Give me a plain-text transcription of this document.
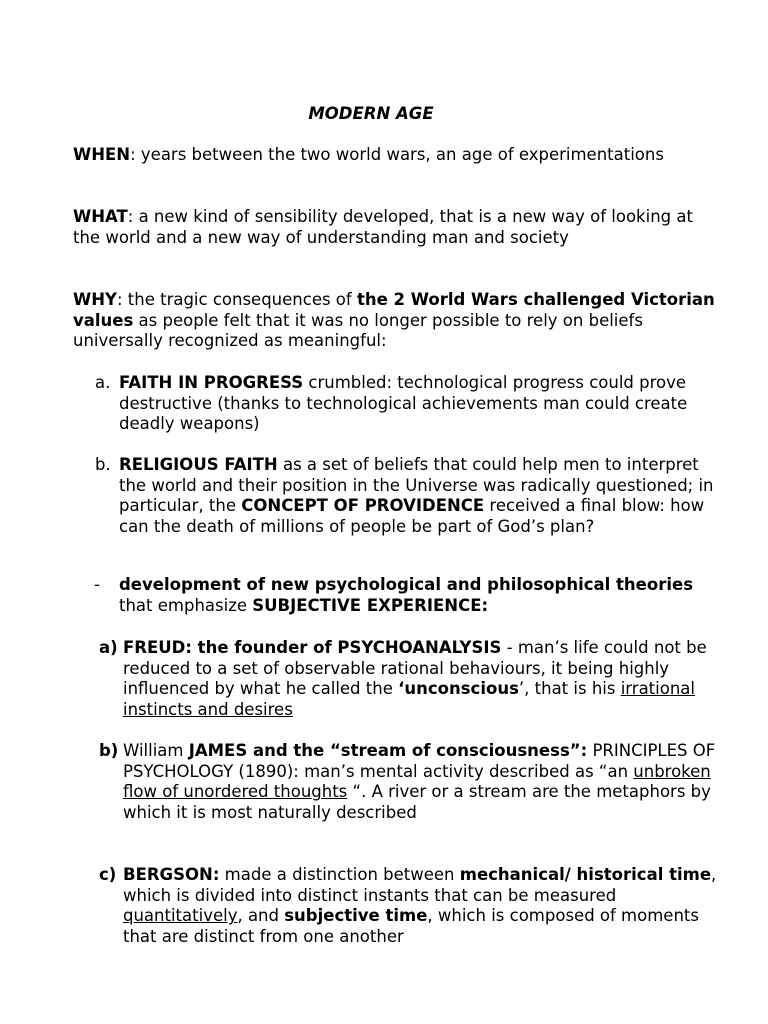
MODERN AGE

WHEN: years between the two world wars, an age of experimentations

WHAT: a new kind of sensibility developed, that is a new way of looking at the world and a new way of understanding man and society

WHY: the tragic consequences of the 2 World Wars challenged Victorian values as people felt that it was no longer possible to rely on beliefs universally recognized as meaningful:

a. FAITH IN PROGRESS crumbled: technological progress could prove destructive (thanks to technological achievements man could create deadly weapons)

b. RELIGIOUS FAITH as a set of beliefs that could help men to interpret the world and their position in the Universe was radically questioned; in particular, the CONCEPT OF PROVIDENCE received a final blow: how can the death of millions of people be part of God’s plan?

- development of new psychological and philosophical theories that emphasize SUBJECTIVE EXPERIENCE:

a) FREUD: the founder of PSYCHOANALYSIS - man’s life could not be reduced to a set of observable rational behaviours, it being highly influenced by what he called the ‘unconscious’, that is his irrational instincts and desires

b) William JAMES and the “stream of consciousness”: PRINCIPLES OF PSYCHOLOGY (1890): man’s mental activity described as “an unbroken flow of unordered thoughts “. A river or a stream are the metaphors by which it is most naturally described

c) BERGSON: made a distinction between mechanical/ historical time, which is divided into distinct instants that can be measured quantitatively, and subjective time, which is composed of moments that are distinct from one another
